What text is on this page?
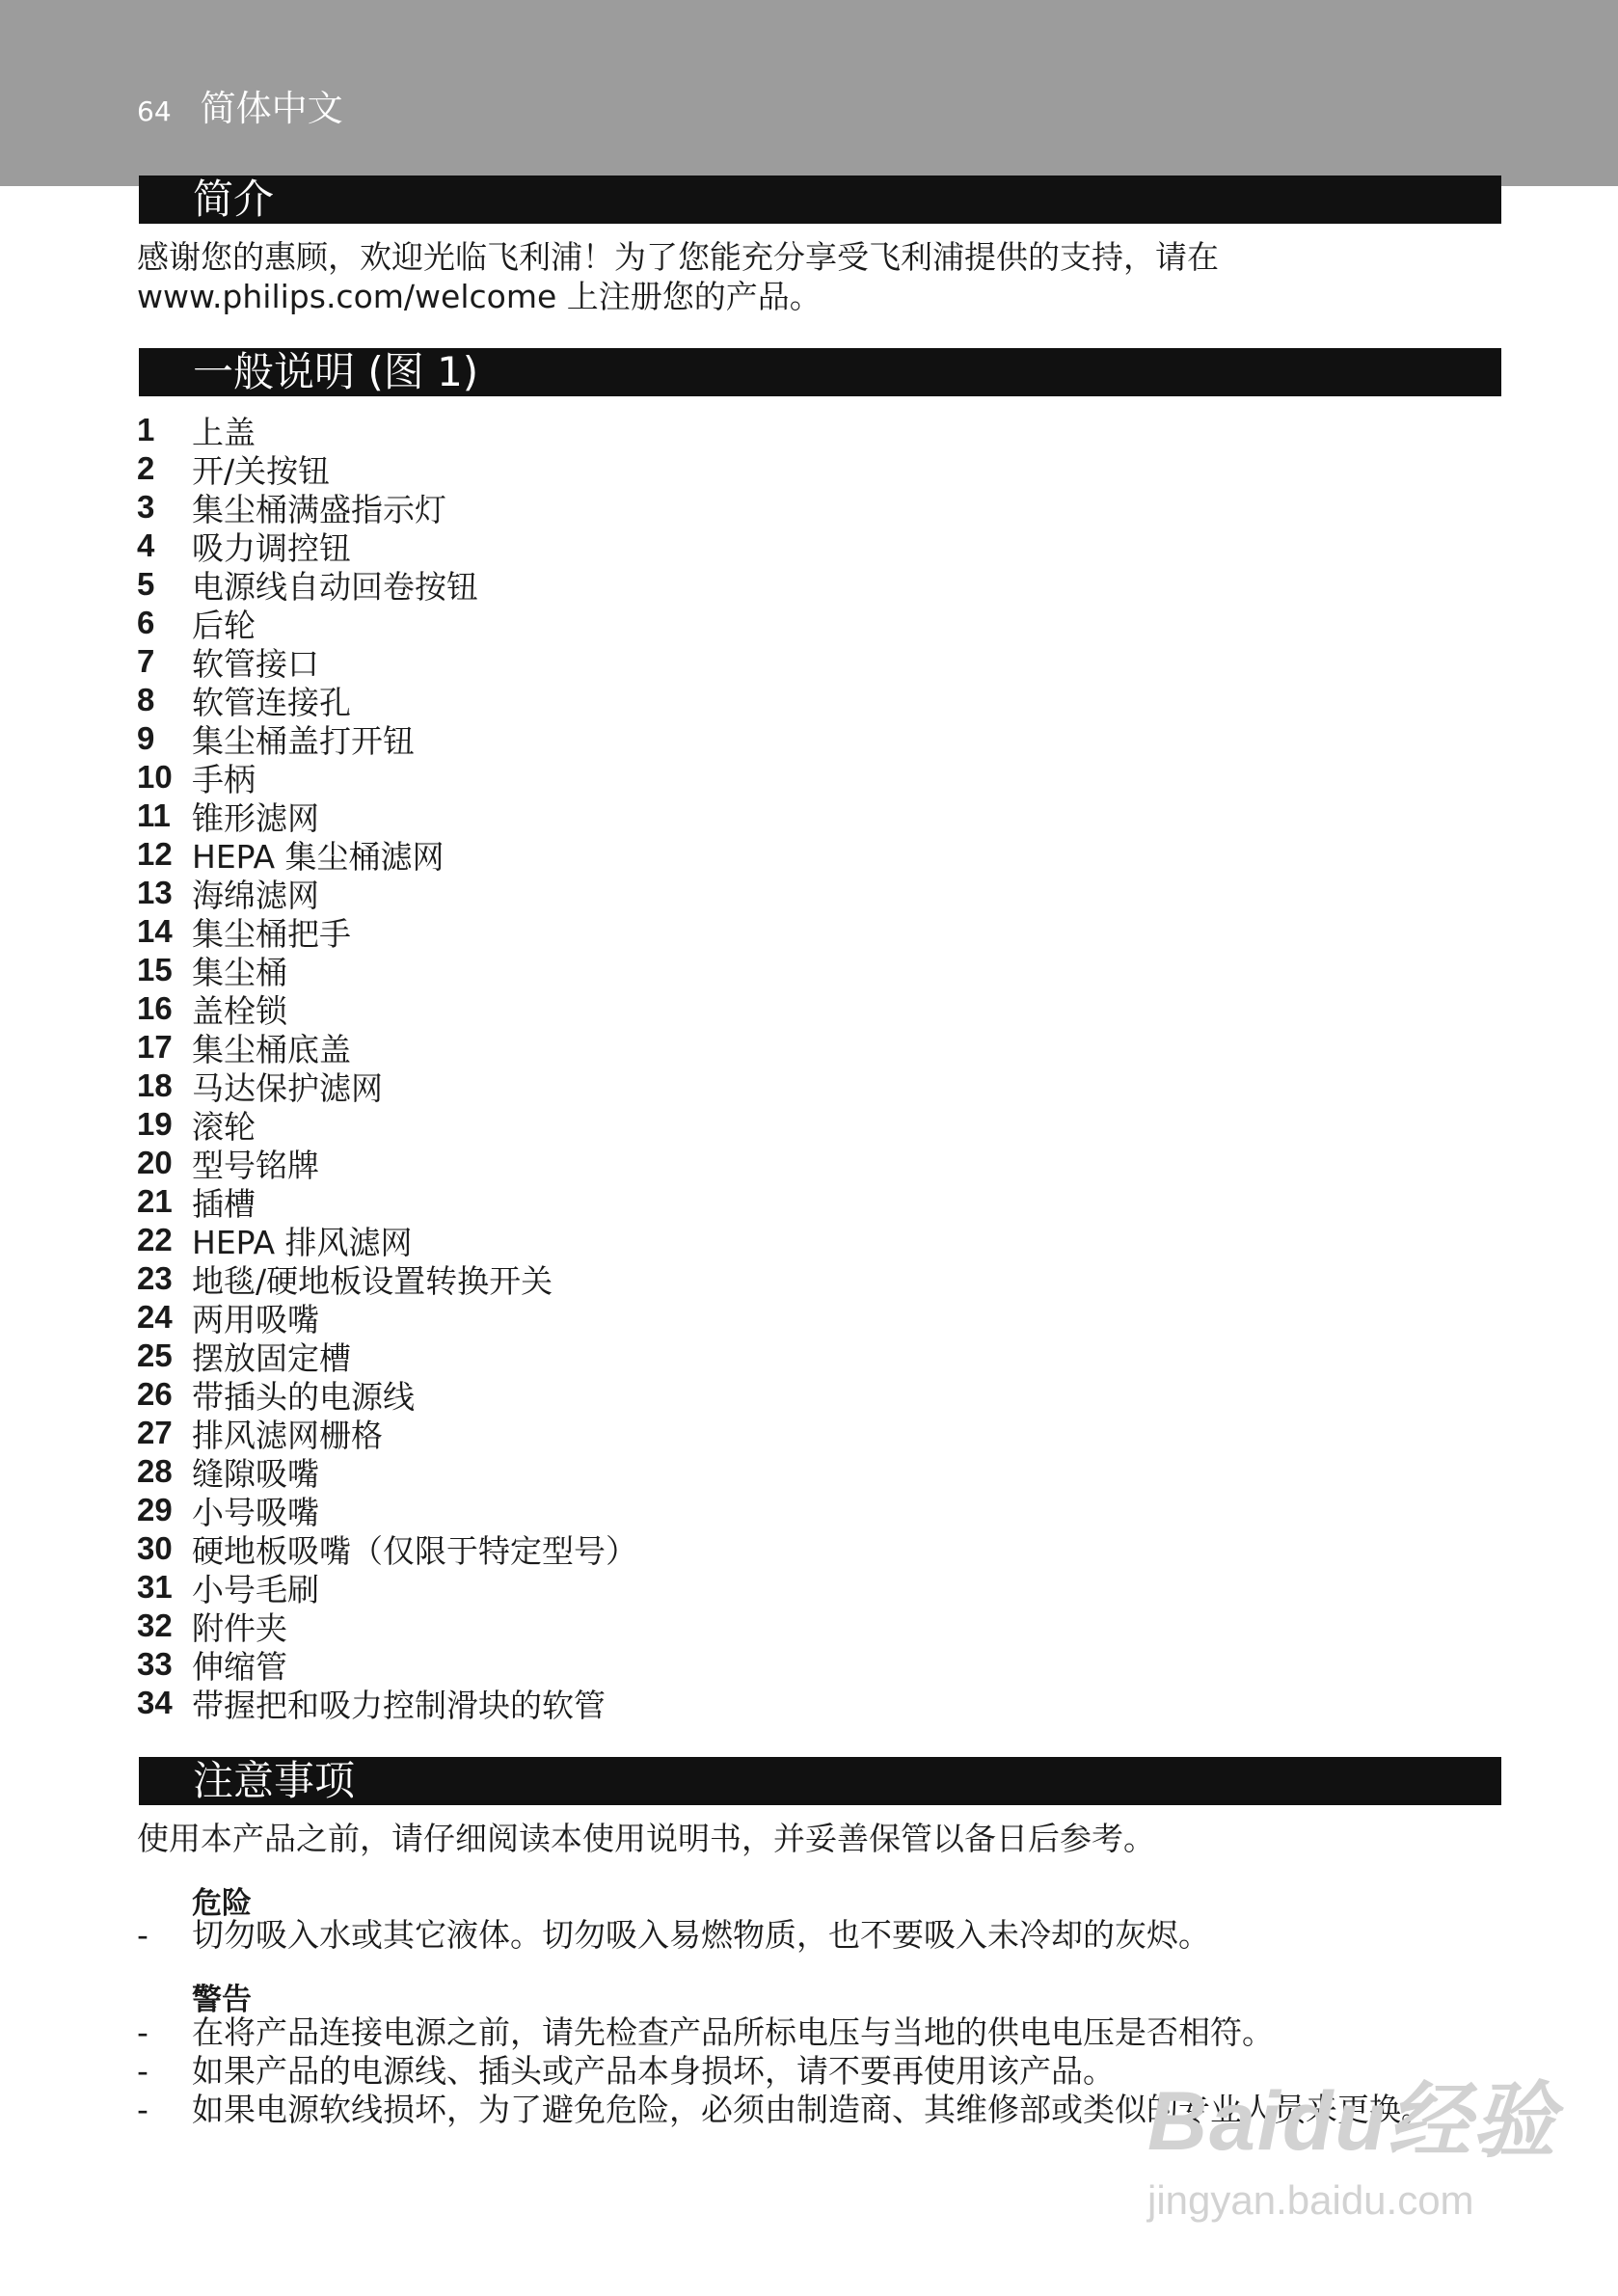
64 简体中文
简介

感谢您的惠顾，欢迎光临飞利浦！为了您能充分享受飞利浦提供的支持，请在 www.philips.com/welcome 上注册您的产品。

一般说明 (图 1)
1	上盖
2	开/关按钮
3	集尘桶满盛指示灯
4	吸力调控钮
5	电源线自动回卷按钮
6	后轮
7	软管接口
8	软管连接孔
9	集尘桶盖打开钮
10 手柄
11 锥形滤网
12 HEPA 集尘桶滤网
13 海绵滤网
14 集尘桶把手
15 集尘桶
16 盖栓锁
17 集尘桶底盖
18 马达保护滤网
19 滚轮
20 型号铭牌
21 插槽
22 HEPA 排风滤网
23 地毯/硬地板设置转换开关
24 两用吸嘴
25 摆放固定槽
26 带插头的电源线
27 排风滤网栅格
28 缝隙吸嘴
29 小号吸嘴
30 硬地板吸嘴（仅限于特定型号）
31 小号毛刷
32 附件夹
33 伸缩管
34 带握把和吸力控制滑块的软管
注意事项

使用本产品之前，请仔细阅读本使用说明书，并妥善保管以备日后参考。

危险
-	切勿吸入水或其它液体。切勿吸入易燃物质，也不要吸入未冷却的灰烬。
警告
-	在将产品连接电源之前，请先检查产品所标电压与当地的供电电压是否相符。
-	如果产品的电源线、插头或产品本身损坏，请不要再使用该产品。
-	如果电源软线损坏，为了避免危险，必须由制造商、其维修部或类似的专业人员来更换。
Baidu经验
jingyan.baidu.com
